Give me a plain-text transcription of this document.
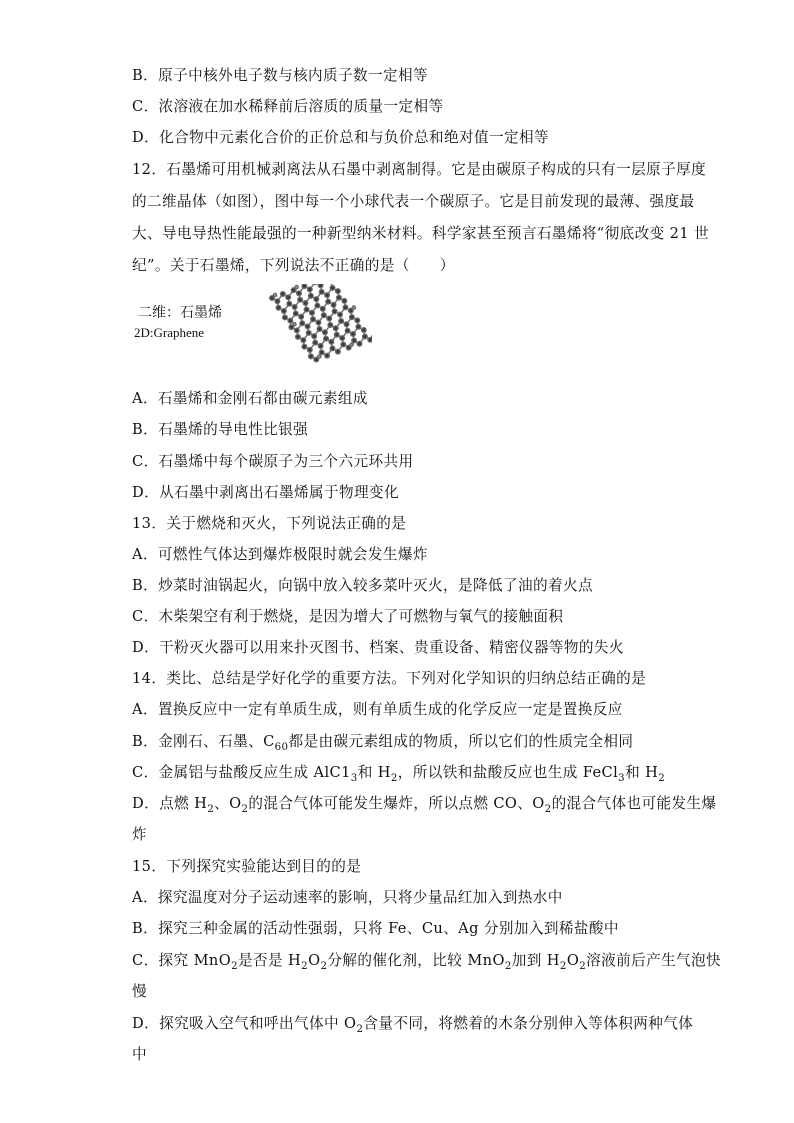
B．原子中核外电子数与核内质子数一定相等
C．浓溶液在加水稀释前后溶质的质量一定相等
D．化合物中元素化合价的正价总和与负价总和绝对值一定相等
12．石墨烯可用机械剥离法从石墨中剥离制得。它是由碳原子构成的只有一层原子厚度
的二维晶体（如图），图中每一个小球代表一个碳原子。它是目前发现的最薄、强度最
大、导电导热性能最强的一种新型纳米材料。科学家甚至预言石墨烯将“彻底改变 21 世
纪”。关于石墨烯，下列说法不正确的是（　　）
二维：石墨烯
2D:Graphene
A．石墨烯和金刚石都由碳元素组成
B．石墨烯的导电性比银强
C．石墨烯中每个碳原子为三个六元环共用
D．从石墨中剥离出石墨烯属于物理变化
13．关于燃烧和灭火，下列说法正确的是
A．可燃性气体达到爆炸极限时就会发生爆炸
B．炒菜时油锅起火，向锅中放入较多菜叶灭火，是降低了油的着火点
C．木柴架空有利于燃烧，是因为增大了可燃物与氧气的接触面积
D．干粉灭火器可以用来扑灭图书、档案、贵重设备、精密仪器等物的失火
14．类比、总结是学好化学的重要方法。下列对化学知识的归纳总结正确的是
A．置换反应中一定有单质生成，则有单质生成的化学反应一定是置换反应
B．金刚石、石墨、$C_{60}$都是由碳元素组成的物质，所以它们的性质完全相同
C．金属铝与盐酸反应生成 $AlC1_3$和 $H_2$，所以铁和盐酸反应也生成 FeCl$_3$和 $H_2$
D．点燃 $H_2$、$O_2$的混合气体可能发生爆炸，所以点燃 CO、$O_2$的混合气体也可能发生爆
炸
15．下列探究实验能达到目的的是
A．探究温度对分子运动速率的影响，只将少量品红加入到热水中
B．探究三种金属的活动性强弱，只将 Fe、Cu、Ag 分别加入到稀盐酸中
C．探究 MnO$_2$是否是 $H_2O_2$分解的催化剂，比较 MnO$_2$加到 $H_2O_2$溶液前后产生气泡快
慢
D．探究吸入空气和呼出气体中 $O_2$含量不同，将燃着的木条分别伸入等体积两种气体
中
